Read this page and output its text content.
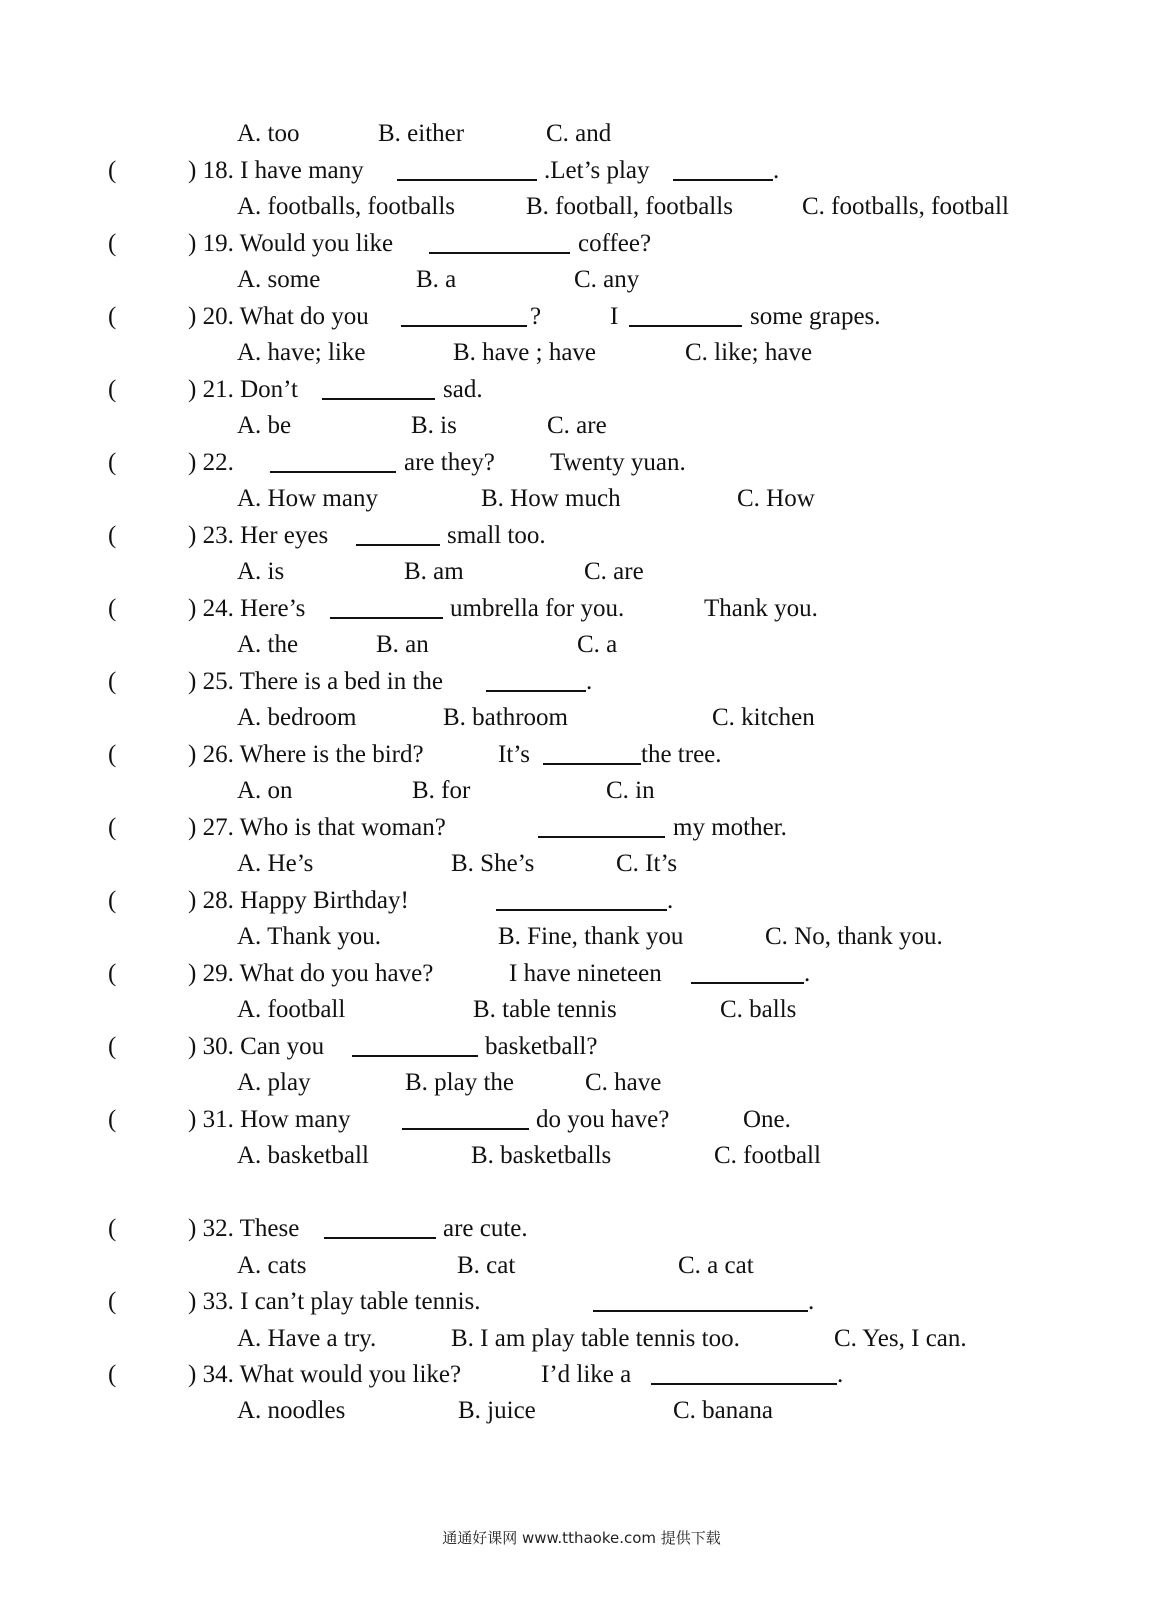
A. too	B. either	C. and
(	) 18. I have many	.Let’s play	.
A. footballs, footballs	B. football, footballs	C. footballs, football
(	) 19. Would you like	coffee?
A. some	B. a	C. any
(	) 20. What do you	?	I	some grapes.
A. have; like	B. have ; have	C. like; have
(	) 21. Don’t	sad.
A. be	B. is	C. are
(	) 22.	are they? Twenty yuan.
A. How many	B. How much	C. How
(	) 23. Her eyes	small too.
A. is	B. am	C. are
(	) 24. Here’s	umbrella for you.	Thank you.
A. the	B. an	C. a
(	) 25. There is a bed in the	.
A. bedroom	B. bathroom	C. kitchen
(	) 26. Where is the bird?	It’s	the tree.
A. on	B. for	C. in
(	) 27. Who is that woman?	my mother.
A. He’s	B. She’s	C. It’s
(	) 28. Happy Birthday!	.
A. Thank you.	B. Fine, thank you	C. No, thank you.
(	) 29. What do you have?	I have nineteen	.
A. football	B. table tennis	C. balls
(	) 30. Can you	basketball?
A. play	B. play the	C. have
(	) 31. How many	do you have?	One.
A. basketball	B. basketballs	C. football
(	) 32. These	are cute.
A. cats	B. cat	C. a cat
(	) 33. I can’t play table tennis.	.
A. Have a try.	B. I am play table tennis too.	C. Yes, I can.
(	) 34. What would you like?	I’d like a	.
A. noodles	B. juice	C. banana
通通好课网 www.tthaoke.com 提供下载
